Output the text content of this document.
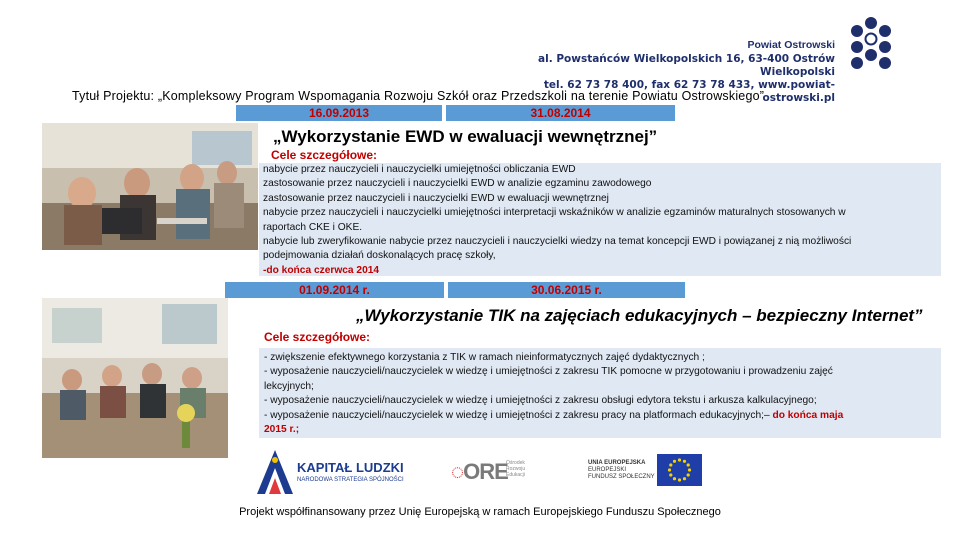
Powiat Ostrowski
al. Powstańców Wielkopolskich 16, 63-400 Ostrów Wielkopolski
tel. 62 73 78 400, fax 62 73 78 433, www.powiat-ostrowski.pl
Tytuł Projektu: „Kompleksowy Program Wspomagania Rozwoju Szkół oraz Przedszkoli na terenie Powiatu Ostrowskiego”
16.09.2013	31.08.2014
„Wykorzystanie EWD w ewaluacji wewnętrznej”
Cele szczegółowe:
nabycie przez nauczycieli i nauczycielki umiejętności obliczania EWD
zastosowanie przez nauczycieli i nauczycielki EWD w analizie egzaminu zawodowego
zastosowanie przez nauczycieli i nauczycielki EWD w ewaluacji wewnętrznej
nabycie przez nauczycieli i nauczycielki umiejętności interpretacji wskaźników w analizie egzaminów maturalnych stosowanych w
raportach CKE i OKE.
nabycie lub zweryfikowanie nabycie przez nauczycieli i nauczycielki wiedzy na temat koncepcji EWD i powiązanej z nią możliwości
podejmowania działań doskonalących pracę szkoły,
-do końca czerwca 2014
01.09.2014 r.	30.06.2015 r.
„Wykorzystanie TIK na zajęciach edukacyjnych – bezpieczny Internet”
Cele szczegółowe:
- zwiększenie efektywnego korzystania z TIK w ramach nieinformatycznych zajęć dydaktycznych ;
- wyposażenie nauczycieli/nauczycielek w wiedzę i umiejętności z zakresu TIK pomocne w przygotowaniu i prowadzeniu zajęć
lekcyjnych;
- wyposażenie nauczycieli/nauczycielek w wiedzę i umiejętności z zakresu obsługi edytora tekstu i arkusza kalkulacyjnego;
- wyposażenie nauczycieli/nauczycielek w wiedzę i umiejętności z zakresu pracy na platformach edukacyjnych;– do końca maja
2015 r.;
KAPITAŁ LUDZKI
NARODOWA STRATEGIA SPÓJNOŚCI ◌ORE
Ośrodek
Rozwoju
Edukacji
UNIA EUROPEJSKA
EUROPEJSKI
FUNDUSZ SPOŁECZNY
Projekt współfinansowany przez Unię Europejską w ramach Europejskiego Funduszu Społecznego
